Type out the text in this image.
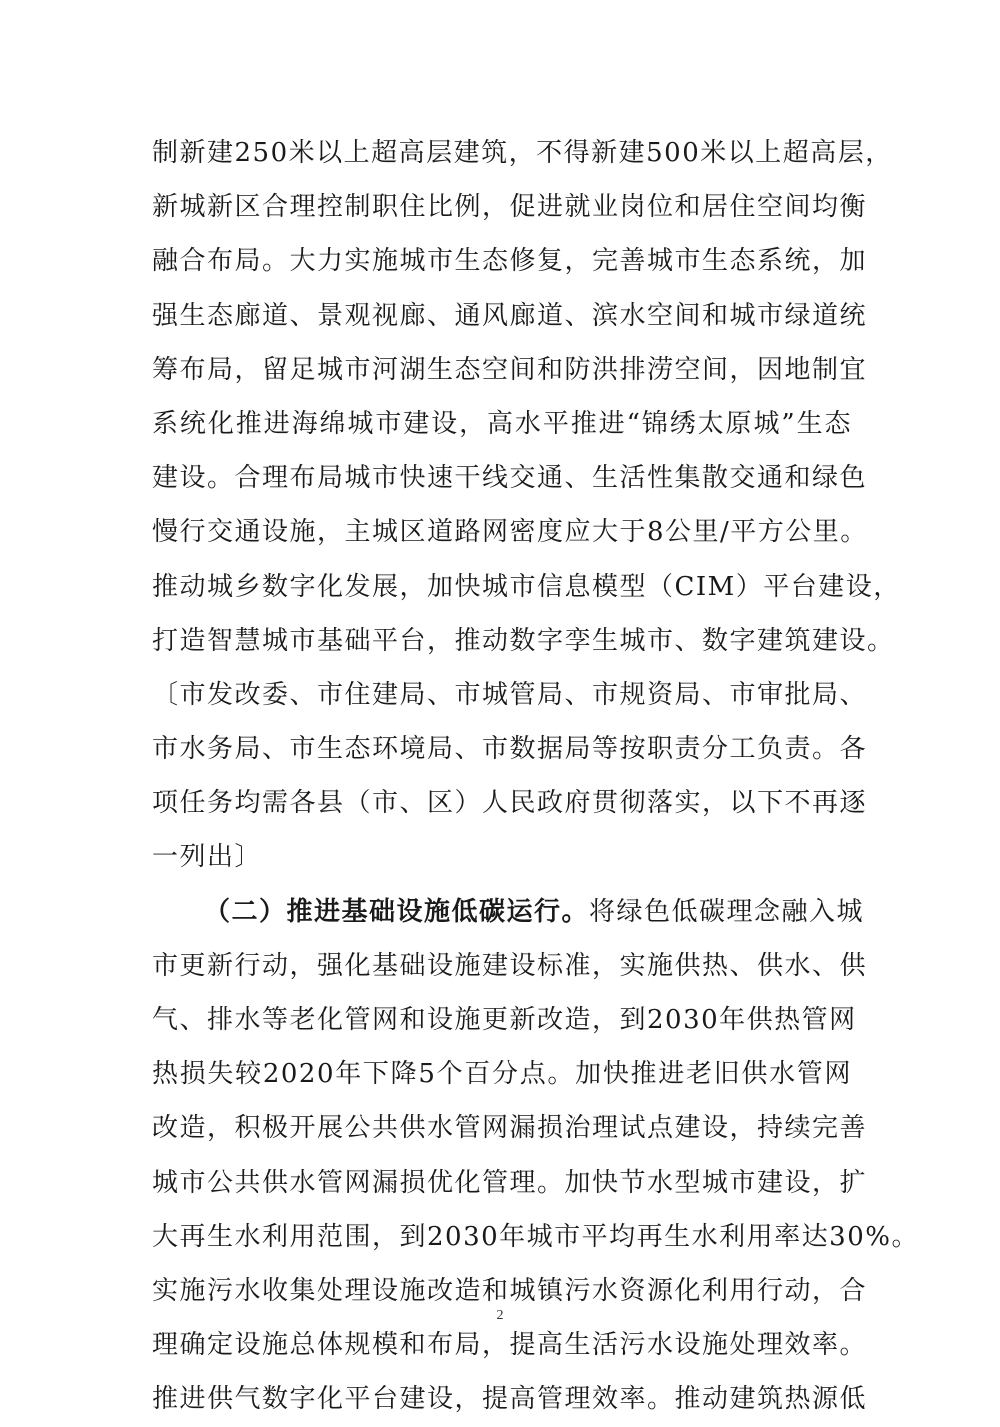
制新建250米以上超高层建筑，不得新建500米以上超高层，
新城新区合理控制职住比例，促进就业岗位和居住空间均衡
融合布局。大力实施城市生态修复，完善城市生态系统，加
强生态廊道、景观视廊、通风廊道、滨水空间和城市绿道统
筹布局，留足城市河湖生态空间和防洪排涝空间，因地制宜
系统化推进海绵城市建设，高水平推进“锦绣太原城”生态
建设。合理布局城市快速干线交通、生活性集散交通和绿色
慢行交通设施，主城区道路网密度应大于8公里/平方公里。
推动城乡数字化发展，加快城市信息模型（CIM）平台建设，
打造智慧城市基础平台，推动数字孪生城市、数字建筑建设。
〔市发改委、市住建局、市城管局、市规资局、市审批局、
市水务局、市生态环境局、市数据局等按职责分工负责。各
项任务均需各县（市、区）人民政府贯彻落实，以下不再逐
一列出〕
（二）推进基础设施低碳运行。将绿色低碳理念融入城
市更新行动，强化基础设施建设标准，实施供热、供水、供
气、排水等老化管网和设施更新改造，到2030年供热管网
热损失较2020年下降5个百分点。加快推进老旧供水管网
改造，积极开展公共供水管网漏损治理试点建设，持续完善
城市公共供水管网漏损优化管理。加快节水型城市建设，扩
大再生水利用范围，到2030年城市平均再生水利用率达30%。
实施污水收集处理设施改造和城镇污水资源化利用行动，合
理确定设施总体规模和布局，提高生活污水设施处理效率。
推进供气数字化平台建设，提高管理效率。推动建筑热源低
2
